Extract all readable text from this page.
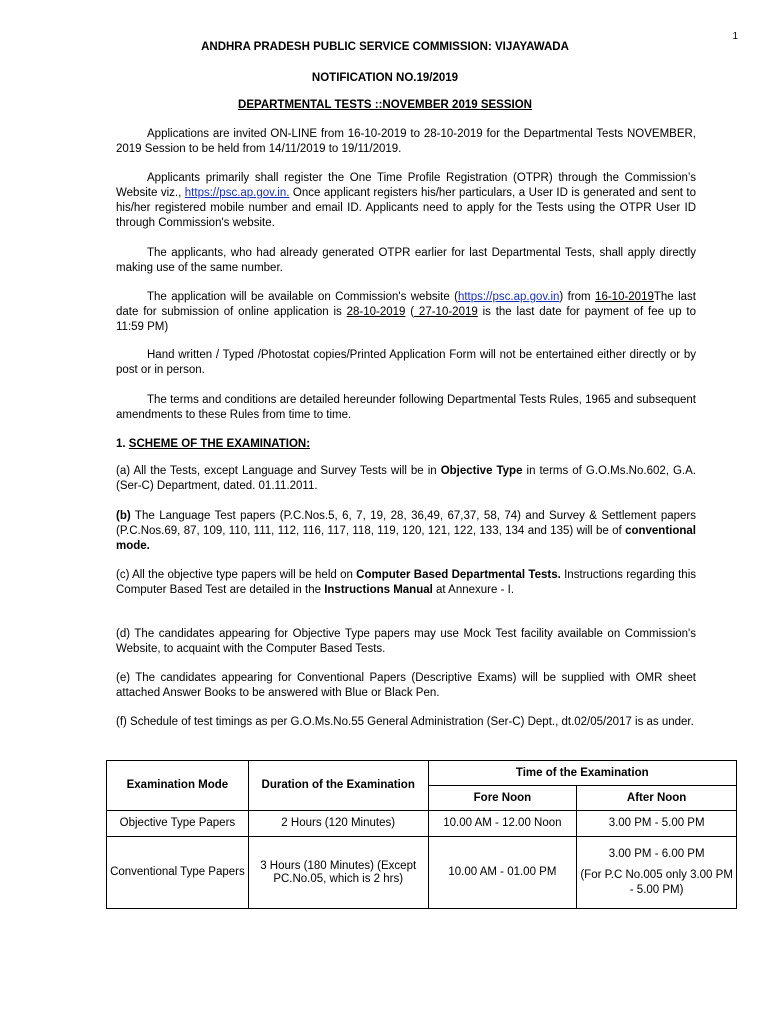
1
ANDHRA PRADESH PUBLIC SERVICE COMMISSION: VIJAYAWADA
NOTIFICATION NO.19/2019
DEPARTMENTAL TESTS ::NOVEMBER 2019 SESSION
Applications are invited ON-LINE from 16-10-2019 to 28-10-2019 for the Departmental Tests NOVEMBER, 2019 Session to be held from 14/11/2019 to 19/11/2019.
Applicants primarily shall register the One Time Profile Registration (OTPR) through the Commission’s Website viz., https://psc.ap.gov.in. Once applicant registers his/her particulars, a User ID is generated and sent to his/her registered mobile number and email ID. Applicants need to apply for the Tests using the OTPR User ID through Commission's website.
The applicants, who had already generated OTPR earlier for last Departmental Tests, shall apply directly making use of the same number.
The application will be available on Commission's website (https://psc.ap.gov.in) from 16-10-2019The last date for submission of online application is 28-10-2019 ( 27-10-2019 is the last date for payment of fee up to 11:59 PM)
Hand written / Typed /Photostat copies/Printed Application Form will not be entertained either directly or by post or in person.
The terms and conditions are detailed hereunder following Departmental Tests Rules, 1965 and subsequent amendments to these Rules from time to time.
1. SCHEME OF THE EXAMINATION:
(a) All the Tests, except Language and Survey Tests will be in Objective Type in terms of G.O.Ms.No.602, G.A. (Ser-C) Department, dated. 01.11.2011.
(b) The Language Test papers (P.C.Nos.5, 6, 7, 19, 28, 36,49, 67,37, 58, 74) and Survey & Settlement papers (P.C.Nos.69, 87, 109, 110, 111, 112, 116, 117, 118, 119, 120, 121, 122, 133, 134 and 135) will be of conventional mode.
(c) All the objective type papers will be held on Computer Based Departmental Tests. Instructions regarding this Computer Based Test are detailed in the Instructions Manual at Annexure - I.
(d) The candidates appearing for Objective Type papers may use Mock Test facility available on Commission's Website, to acquaint with the Computer Based Tests.
(e) The candidates appearing for Conventional Papers (Descriptive Exams) will be supplied with OMR sheet attached Answer Books to be answered with Blue or Black Pen.
(f) Schedule of test timings as per G.O.Ms.No.55 General Administration (Ser-C) Dept., dt.02/05/2017 is as under.
Examination Mode	Duration of the Examination	Time of the Examination	
		Fore Noon	After Noon
Objective Type Papers	2 Hours (120 Minutes)	10.00 AM - 12.00 Noon	3.00 PM - 5.00 PM
Conventional Type Papers	3 Hours (180 Minutes) (Except PC.No.05, which is 2 hrs)	10.00 AM - 01.00 PM	3.00 PM - 6.00 PM
(For P.C No.005 only 3.00 PM - 5.00 PM)
